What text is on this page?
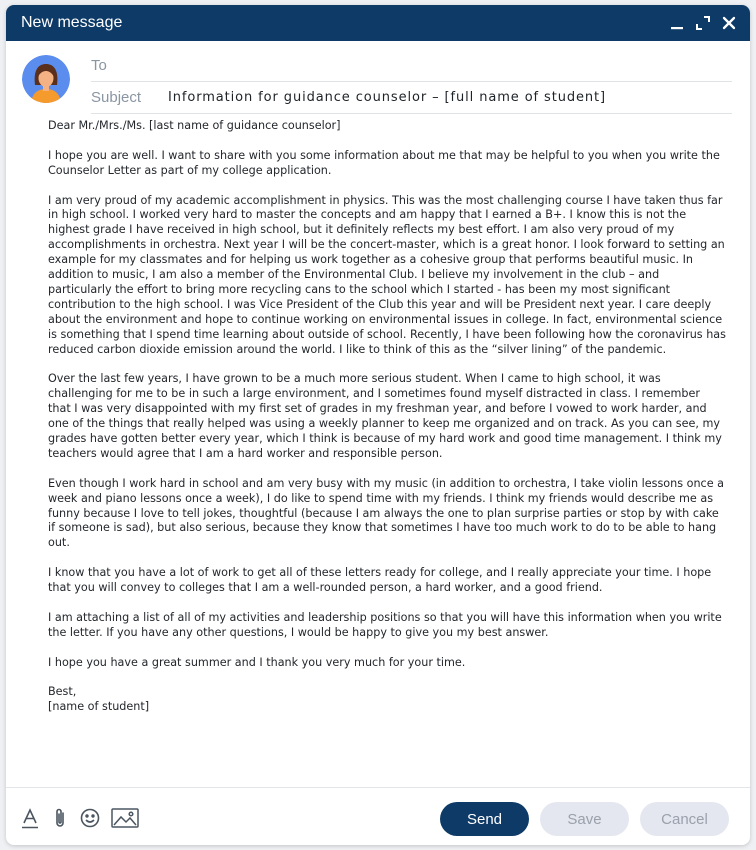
New message
To
Subject	Information for guidance counselor – [full name of student]

Dear Mr./Mrs./Ms. [last name of guidance counselor]

I hope you are well. I want to share with you some information about me that may be helpful to you when you write the Counselor Letter as part of my college application.

I am very proud of my academic accomplishment in physics. This was the most challenging course I have taken thus far in high school. I worked very hard to master the concepts and am happy that I earned a B+. I know this is not the highest grade I have received in high school, but it definitely reflects my best effort. I am also very proud of my accomplishments in orchestra. Next year I will be the concert-master, which is a great honor. I look forward to setting an example for my classmates and for helping us work together as a cohesive group that performs beautiful music. In addition to music, I am also a member of the Environmental Club. I believe my involvement in the club – and particularly the effort to bring more recycling cans to the school which I started - has been my most significant contribution to the high school. I was Vice President of the Club this year and will be President next year. I care deeply about the environment and hope to continue working on environmental issues in college. In fact, environmental science is something that I spend time learning about outside of school. Recently, I have been following how the coronavirus has reduced carbon dioxide emission around the world. I like to think of this as the “silver lining” of the pandemic.

Over the last few years, I have grown to be a much more serious student. When I came to high school, it was challenging for me to be in such a large environment, and I sometimes found myself distracted in class. I remember that I was very disappointed with my first set of grades in my freshman year, and before I vowed to work harder, and one of the things that really helped was using a weekly planner to keep me organized and on track. As you can see, my grades have gotten better every year, which I think is because of my hard work and good time management. I think my teachers would agree that I am a hard worker and responsible person.

Even though I work hard in school and am very busy with my music (in addition to orchestra, I take violin lessons once a week and piano lessons once a week), I do like to spend time with my friends. I think my friends would describe me as funny because I love to tell jokes, thoughtful (because I am always the one to plan surprise parties or stop by with cake if someone is sad), but also serious, because they know that sometimes I have too much work to do to be able to hang out.

I know that you have a lot of work to get all of these letters ready for college, and I really appreciate your time. I hope that you will convey to colleges that I am a well-rounded person, a hard worker, and a good friend.

I am attaching a list of all of my activities and leadership positions so that you will have this information when you write the letter. If you have any other questions, I would be happy to give you my best answer.

I hope you have a great summer and I thank you very much for your time.

Best,
[name of student]

Send	Save	Cancel
